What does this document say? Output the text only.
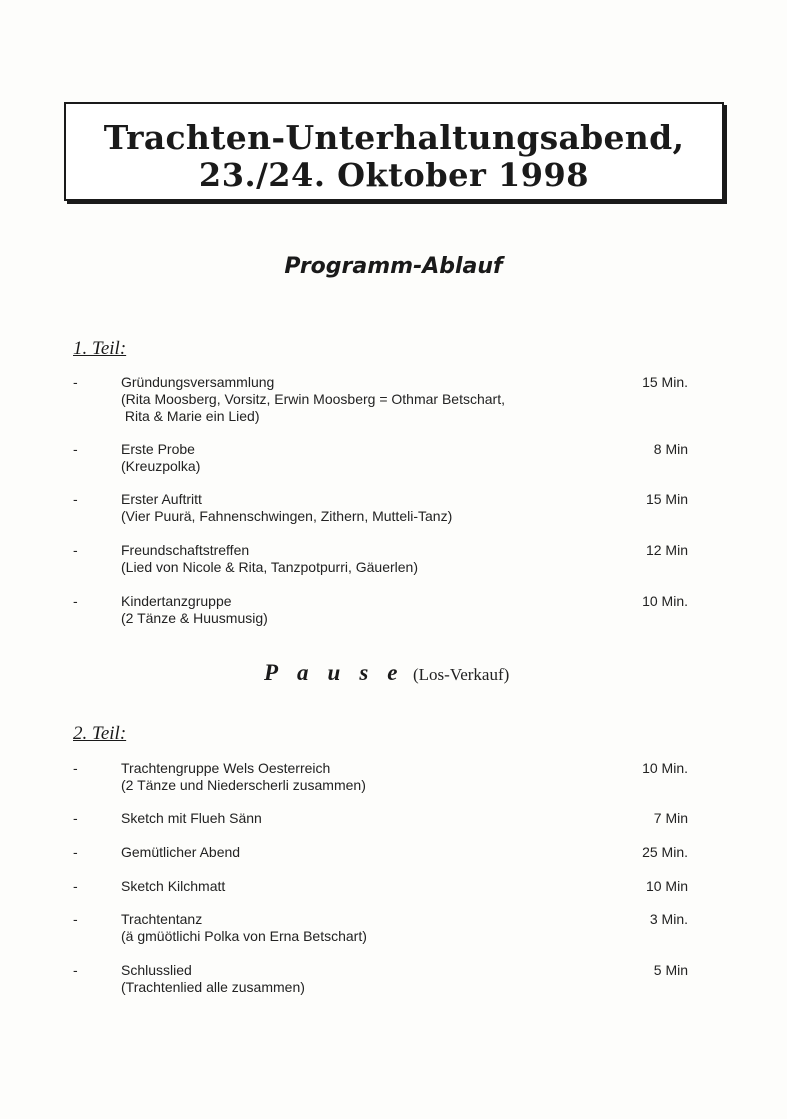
Trachten-Unterhaltungsabend,
23./24. Oktober 1998
Programm-Ablauf
1. Teil:
-	Gründungsversammlung
(Rita Moosberg, Vorsitz, Erwin Moosberg = Othmar Betschart,
Rita & Marie ein Lied)
15 Min.
-	Erste Probe
(Kreuzpolka)
8 Min
-	Erster Auftritt
(Vier Puurä, Fahnenschwingen, Zithern, Mutteli-Tanz)
15 Min
-	Freundschaftstreffen
(Lied von Nicole & Rita, Tanzpotpurri, Gäuerlen)
12 Min
-	Kindertanzgruppe
(2 Tänze & Huusmusig)
10 Min.
Pause
(Los-Verkauf)
2. Teil:
-	Trachtengruppe Wels Oesterreich
(2 Tänze und Niederscherli zusammen)
10 Min.
-	Sketch mit Flueh Sänn	7 Min
-	Gemütlicher Abend	25 Min.
-	Sketch Kilchmatt	10 Min
-	Trachtentanz
(ä gmüötlichi Polka von Erna Betschart)
3 Min.
-	Schlusslied
(Trachtenlied alle zusammen)
5 Min
